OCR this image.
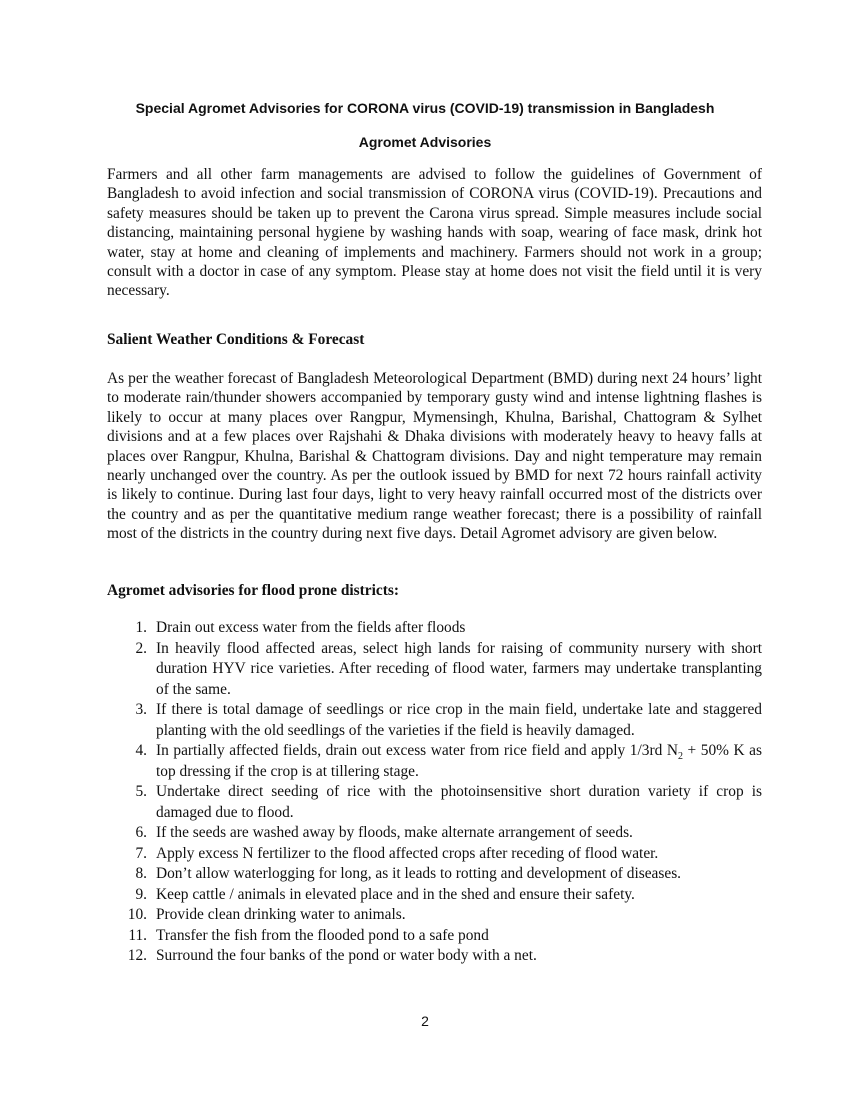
Special Agromet Advisories for CORONA virus (COVID-19) transmission in Bangladesh
Agromet Advisories

Farmers and all other farm managements are advised to follow the guidelines of Government of Bangladesh to avoid infection and social transmission of CORONA virus (COVID-19). Precautions and safety measures should be taken up to prevent the Carona virus spread. Simple measures include social distancing, maintaining personal hygiene by washing hands with soap, wearing of face mask, drink hot water, stay at home and cleaning of implements and machinery. Farmers should not work in a group; consult with a doctor in case of any symptom. Please stay at home does not visit the field until it is very necessary.

Salient Weather Conditions & Forecast

As per the weather forecast of Bangladesh Meteorological Department (BMD) during next 24 hours’ light to moderate rain/thunder showers accompanied by temporary gusty wind and intense lightning flashes is likely to occur at many places over Rangpur, Mymensingh, Khulna, Barishal, Chattogram & Sylhet divisions and at a few places over Rajshahi & Dhaka divisions with moderately heavy to heavy falls at places over Rangpur, Khulna, Barishal & Chattogram divisions. Day and night temperature may remain nearly unchanged over the country. As per the outlook issued by BMD for next 72 hours rainfall activity is likely to continue. During last four days, light to very heavy rainfall occurred most of the districts over the country and as per the quantitative medium range weather forecast; there is a possibility of rainfall most of the districts in the country during next five days. Detail Agromet advisory are given below.

Agromet advisories for flood prone districts:

1. Drain out excess water from the fields after floods
2. In heavily flood affected areas, select high lands for raising of community nursery with short duration HYV rice varieties. After receding of flood water, farmers may undertake transplanting of the same.
3. If there is total damage of seedlings or rice crop in the main field, undertake late and staggered planting with the old seedlings of the varieties if the field is heavily damaged.
4. In partially affected fields, drain out excess water from rice field and apply 1/3rd $N_2 + 50\%$ K as top dressing if the crop is at tillering stage.
5. Undertake direct seeding of rice with the photoinsensitive short duration variety if crop is damaged due to flood.
6. If the seeds are washed away by floods, make alternate arrangement of seeds.
7. Apply excess N fertilizer to the flood affected crops after receding of flood water.
8. Don’t allow waterlogging for long, as it leads to rotting and development of diseases.
9. Keep cattle / animals in elevated place and in the shed and ensure their safety.
10. Provide clean drinking water to animals.
11. Transfer the fish from the flooded pond to a safe pond
12. Surround the four banks of the pond or water body with a net.
2
